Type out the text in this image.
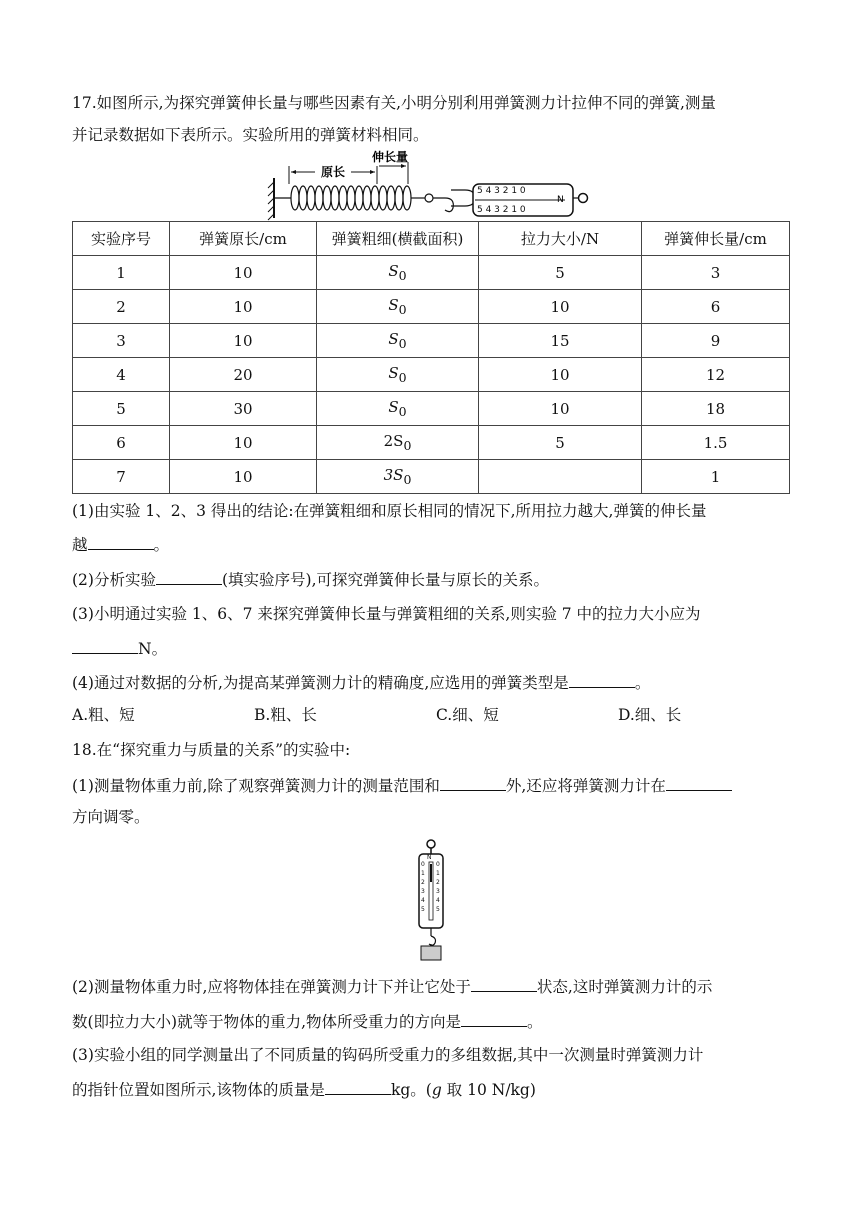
17.如图所示,为探究弹簧伸长量与哪些因素有关,小明分别利用弹簧测力计拉伸不同的弹簧,测量
并记录数据如下表所示。实验所用的弹簧材料相同。
原长
伸长量
5 4 3 2 1 0
5 4 3 2 1 0
N
实验序号	弹簧原长/cm	弹簧粗细(横截面积)	拉力大小/N	弹簧伸长量/cm
1	10	$S_0$	5	3
2	10	$S_0$	10	6
3	10	$S_0$	15	9
4	20	$S_0$	10	12
5	30	$S_0$	10	18
6	10	$2S_0$	5	1.5
7	10	$3S_0$		1
(1)由实验 1、2、3 得出的结论:在弹簧粗细和原长相同的情况下,所用拉力越大,弹簧的伸长量
越	。
(2)分析实验	(填实验序号),可探究弹簧伸长量与原长的关系。
(3)小明通过实验 1、6、7 来探究弹簧伸长量与弹簧粗细的关系,则实验 7 中的拉力大小应为
N。
(4)通过对数据的分析,为提高某弹簧测力计的精确度,应选用的弹簧类型是	。
A.粗、短	B.粗、长	C.细、短	D.细、长
18.在“探究重力与质量的关系”的实验中:
(1)测量物体重力前,除了观察弹簧测力计的测量范围和	外,还应将弹簧测力计在
方向调零。
0
1
2
3
4
5
0
1
2
3
4
5
N
(2)测量物体重力时,应将物体挂在弹簧测力计下并让它处于	状态,这时弹簧测力计的示
数(即拉力大小)就等于物体的重力,物体所受重力的方向是	。
(3)实验小组的同学测量出了不同质量的钩码所受重力的多组数据,其中一次测量时弹簧测力计
的指针位置如图所示,该物体的质量是	kg。(g 取 10 N/kg)
